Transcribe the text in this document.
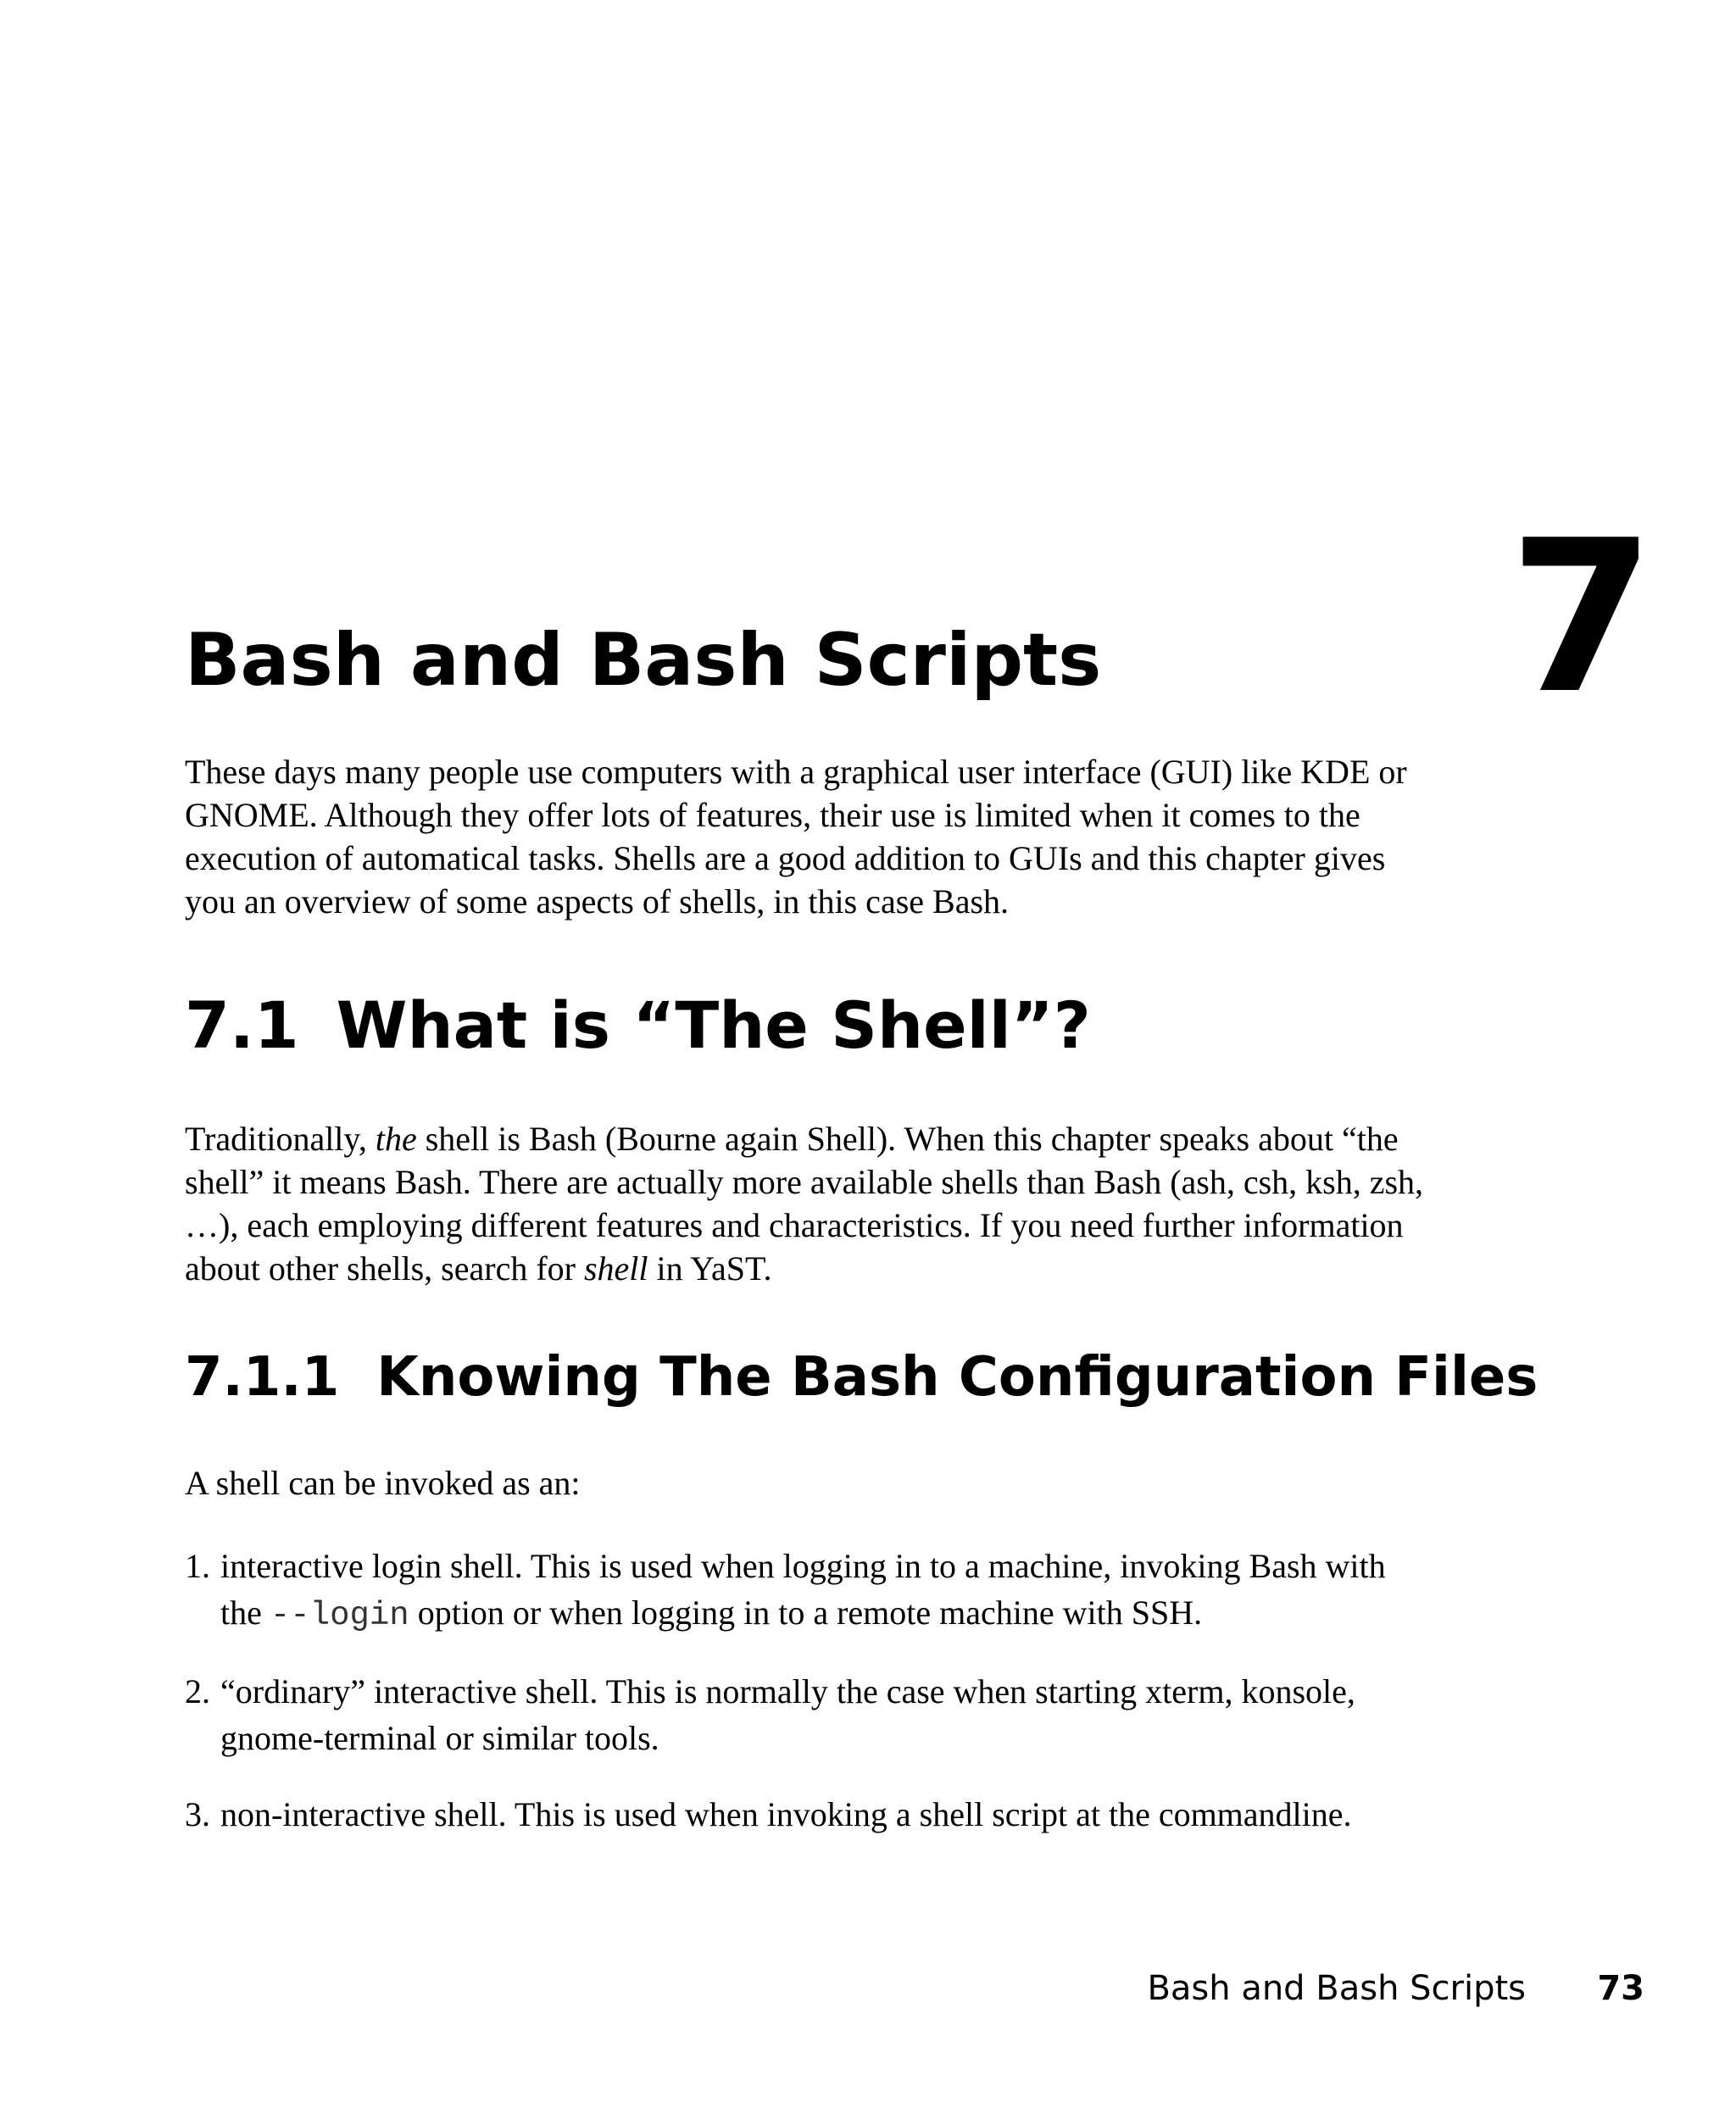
7
Bash and Bash Scripts

These days many people use computers with a graphical user interface (GUI) like KDE or GNOME. Although they offer lots of features, their use is limited when it comes to the execution of automatical tasks. Shells are a good addition to GUIs and this chapter gives you an overview of some aspects of shells, in this case Bash.

7.1 What is “The Shell”?

Traditionally, the shell is Bash (Bourne again Shell). When this chapter speaks about “the shell” it means Bash. There are actually more available shells than Bash (ash, csh, ksh, zsh, …), each employing different features and characteristics. If you need further information about other shells, search for shell in YaST.

7.1.1 Knowing The Bash Configuration Files

A shell can be invoked as an:

1. interactive login shell. This is used when logging in to a machine, invoking Bash with the --login option or when logging in to a remote machine with SSH.
2. “ordinary” interactive shell. This is normally the case when starting xterm, konsole, gnome-terminal or similar tools.
3. non-interactive shell. This is used when invoking a shell script at the commandline.
Bash and Bash Scripts	73
